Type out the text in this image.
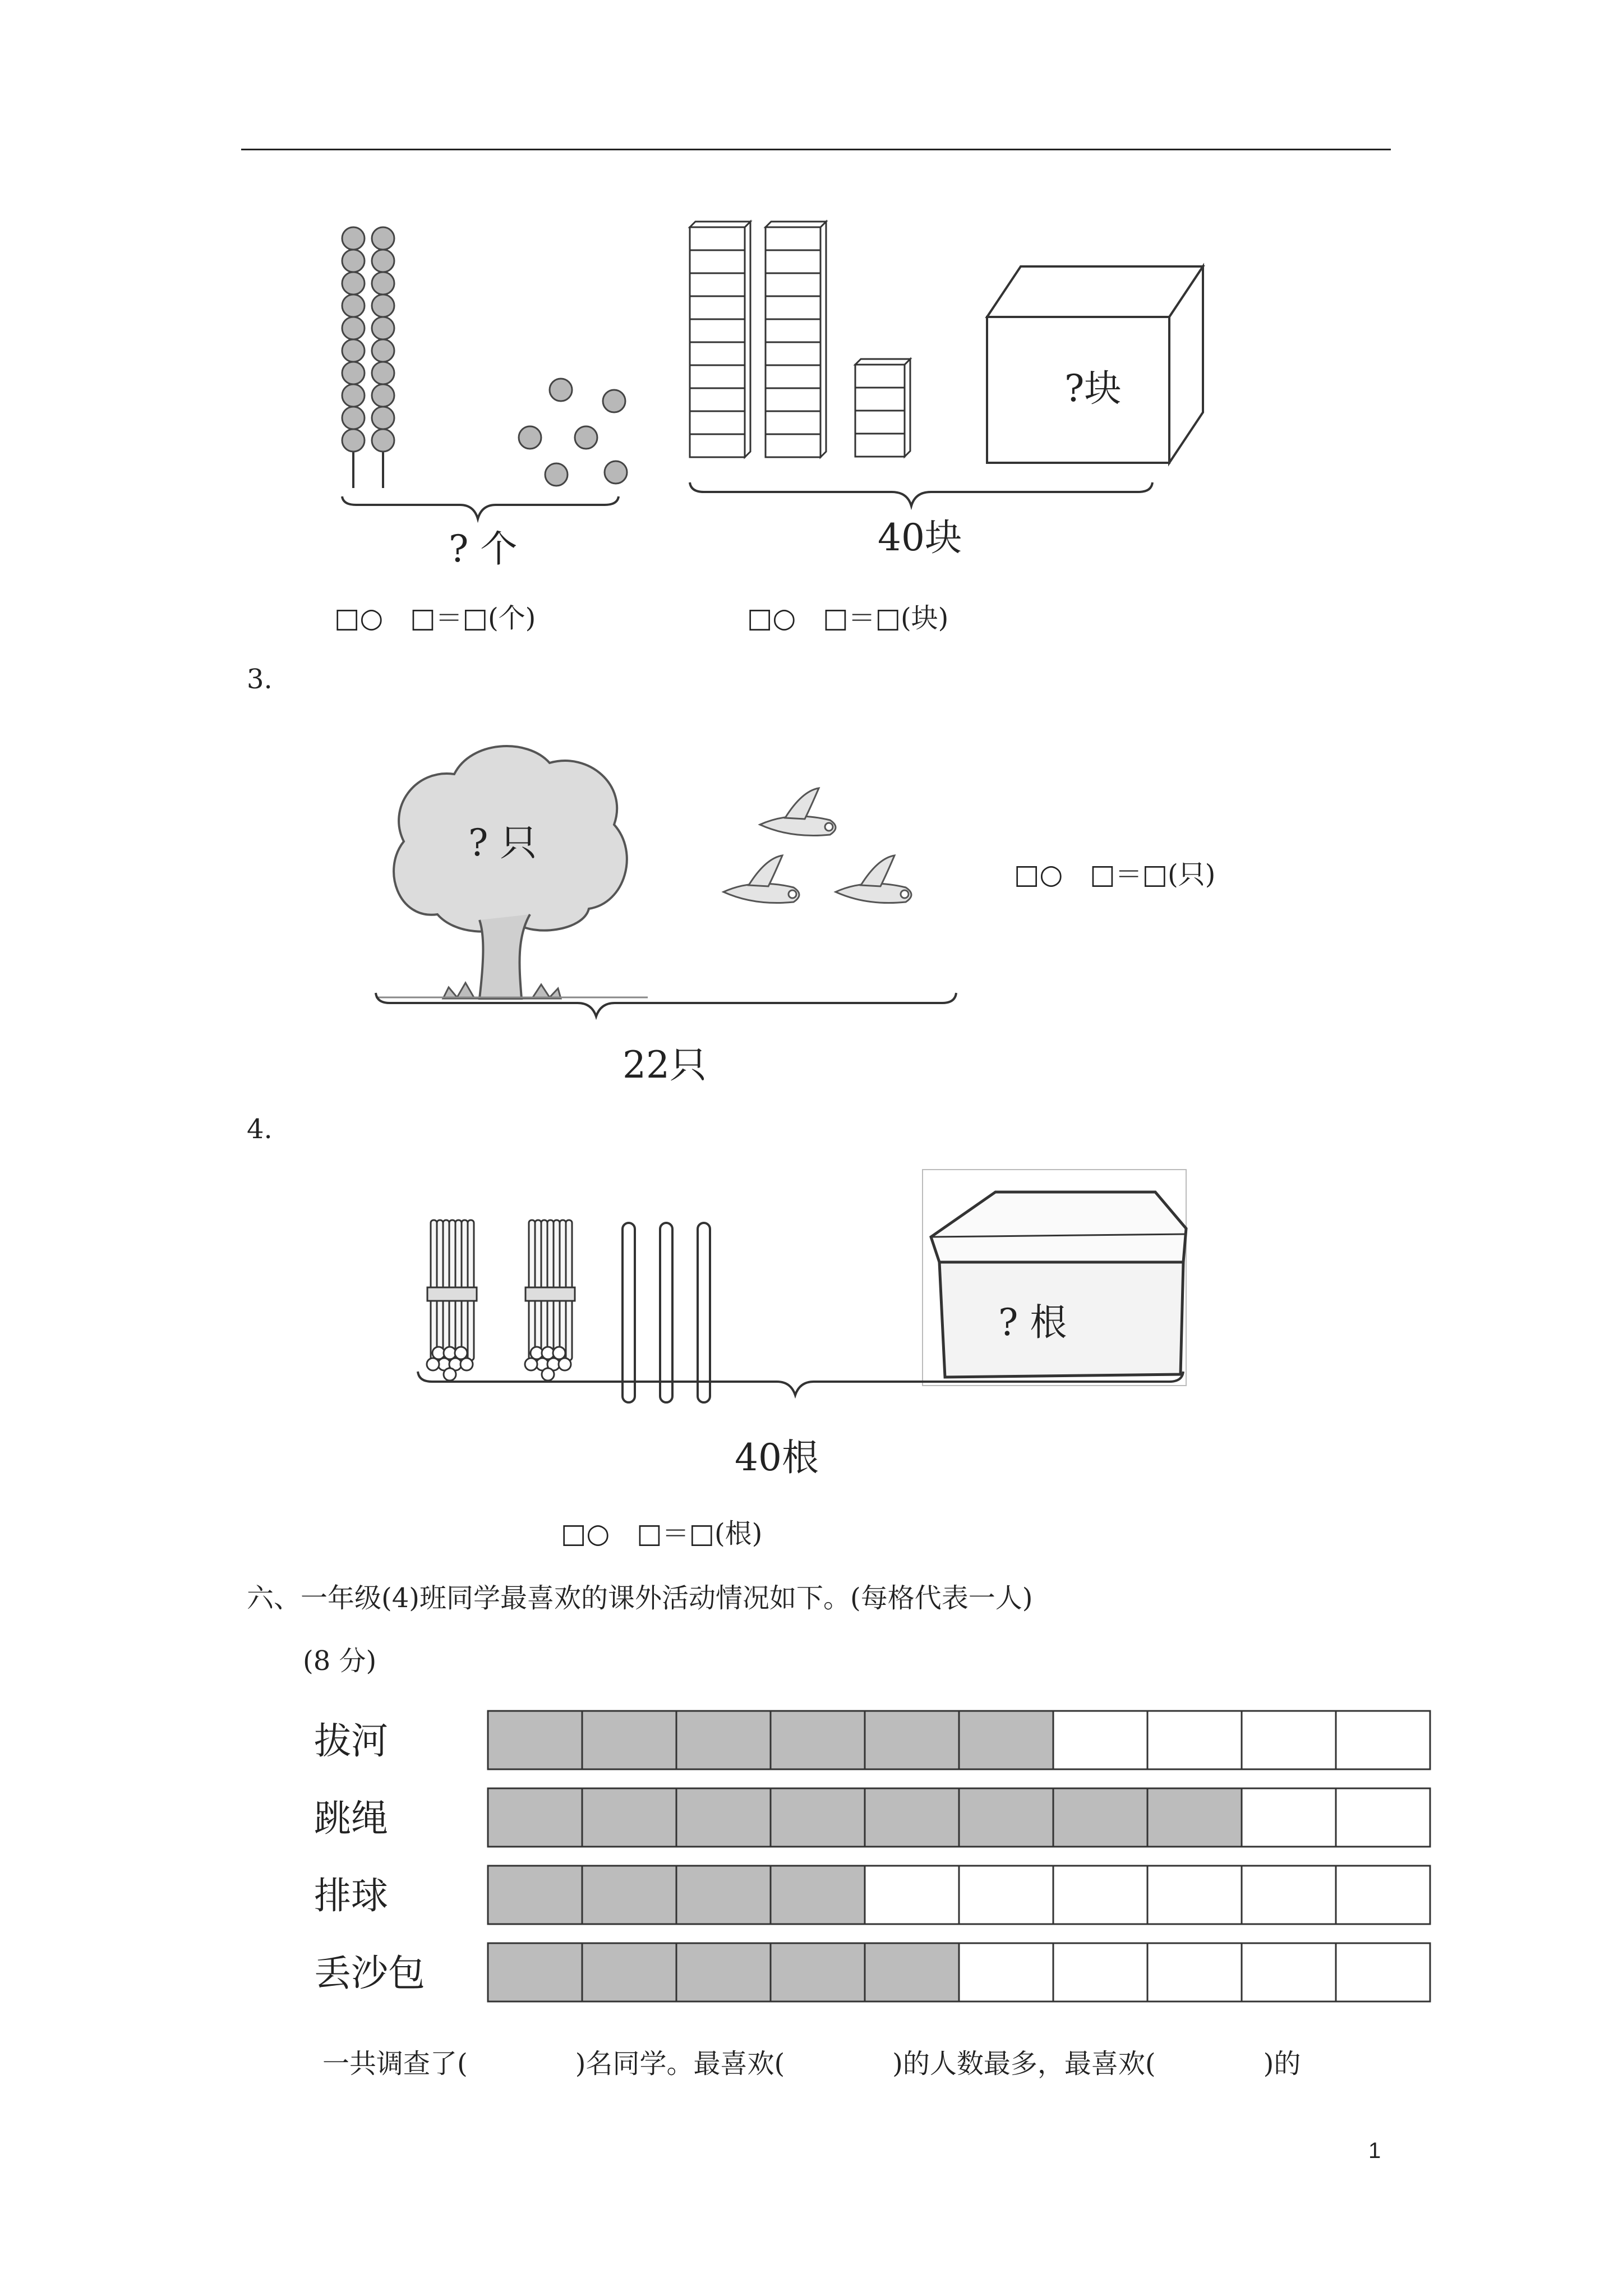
? 个
?块
40块
□○　□＝□(个)	□○　□＝□(块)
3.
? 只
22只
□○　□＝□(只)
4.
? 根
40根
□○　□＝□(根)
六、一年级(4)班同学最喜欢的课外活动情况如下。(每格代表一人)
(8 分)
拔河
跳绳
排球
丢沙包
一共调查了(　　　　)名同学。最喜欢(　　　　)的人数最多，最喜欢(　　　　)的
1
